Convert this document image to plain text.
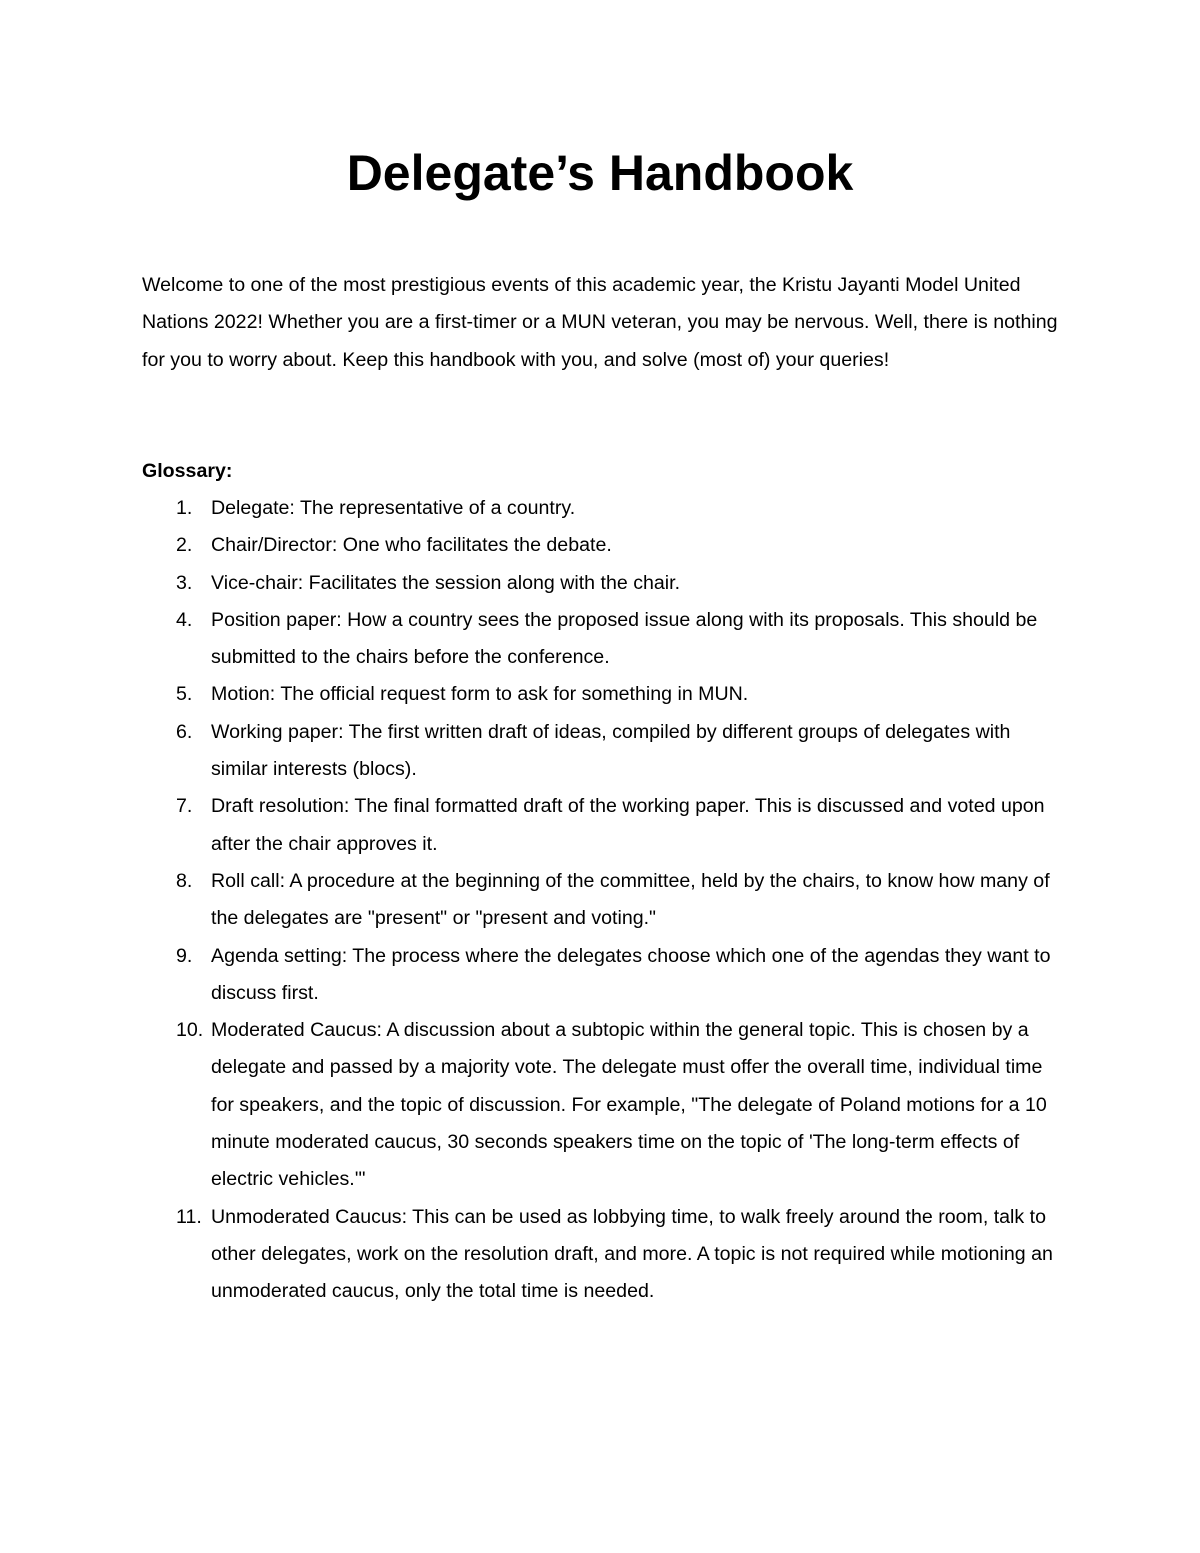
Delegate’s Handbook

Welcome to one of the most prestigious events of this academic year, the Kristu Jayanti Model United Nations 2022! Whether you are a first-timer or a MUN veteran, you may be nervous. Well, there is nothing for you to worry about. Keep this handbook with you, and solve (most of) your queries!

Glossary:

1. Delegate: The representative of a country.
2. Chair/Director: One who facilitates the debate.
3. Vice-chair: Facilitates the session along with the chair.
4. Position paper: How a country sees the proposed issue along with its proposals. This should be submitted to the chairs before the conference.
5. Motion: The official request form to ask for something in MUN.
6. Working paper: The first written draft of ideas, compiled by different groups of delegates with similar interests (blocs).
7. Draft resolution: The final formatted draft of the working paper. This is discussed and voted upon after the chair approves it.
8. Roll call: A procedure at the beginning of the committee, held by the chairs, to know how many of the delegates are "present" or "present and voting."
9. Agenda setting: The process where the delegates choose which one of the agendas they want to discuss first.
10. Moderated Caucus: A discussion about a subtopic within the general topic. This is chosen by a delegate and passed by a majority vote. The delegate must offer the overall time, individual time for speakers, and the topic of discussion. For example, "The delegate of Poland motions for a 10 minute moderated caucus, 30 seconds speakers time on the topic of 'The long-term effects of electric vehicles.'"
11. Unmoderated Caucus: This can be used as lobbying time, to walk freely around the room, talk to other delegates, work on the resolution draft, and more. A topic is not required while motioning an unmoderated caucus, only the total time is needed.
